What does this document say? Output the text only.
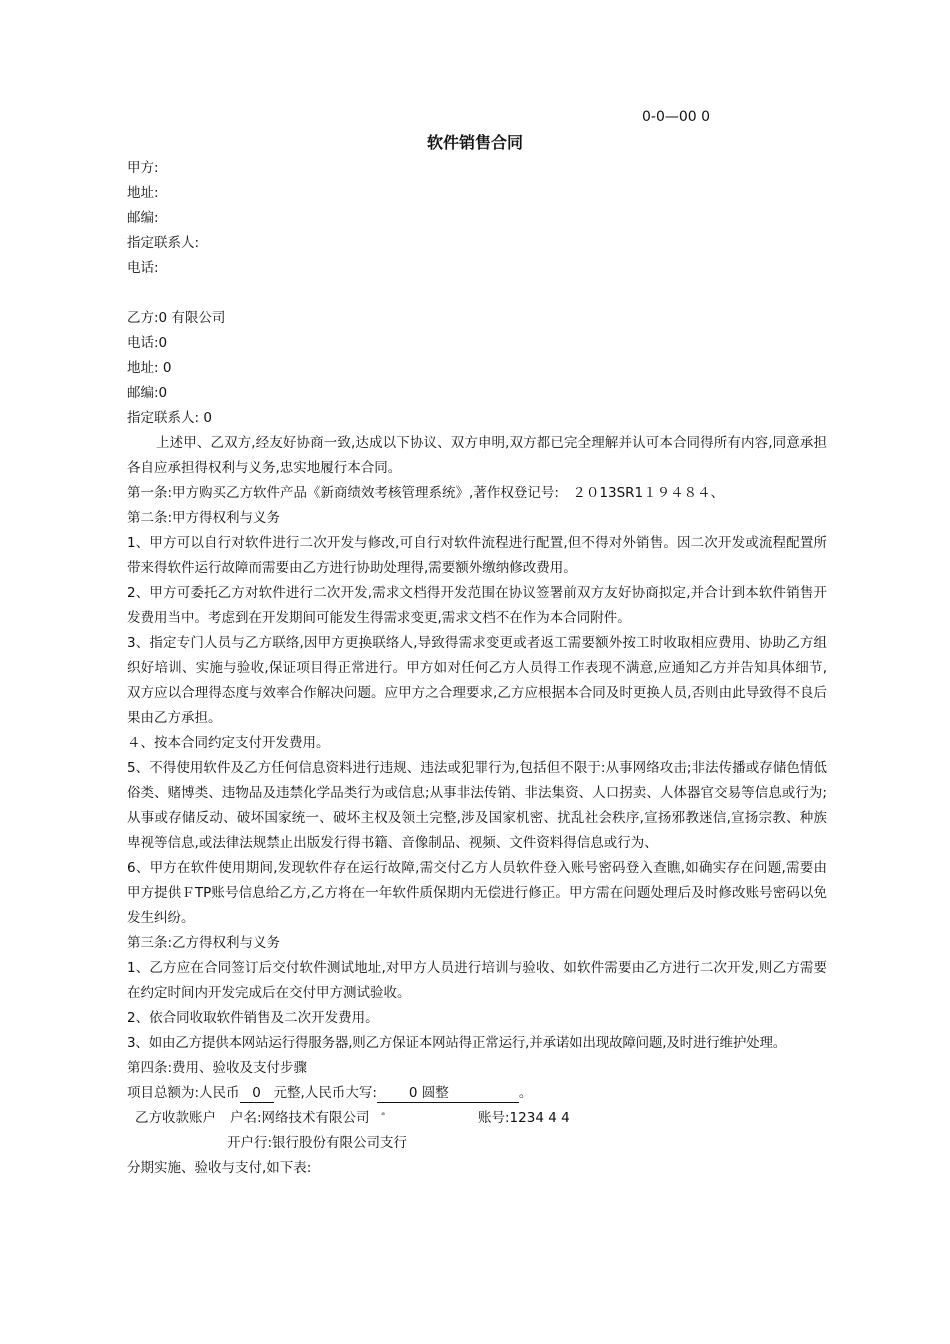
0-0—00 0
软件销售合同
甲方:
地址:
邮编:
指定联系人:
电话:
乙方:0 有限公司
电话:0
地址: 0
邮编:0
指定联系人: 0
上述甲、乙双方,经友好协商一致,达成以下协议、双方申明,双方都已完全理解并认可本合同得所有内容,同意承担各自应承担得权利与义务,忠实地履行本合同。
第一条:甲方购买乙方软件产品《新商绩效考核管理系统》,著作权登记号:　２０13SR1１９４８４、
第二条:甲方得权利与义务
1、甲方可以自行对软件进行二次开发与修改,可自行对软件流程进行配置,但不得对外销售。因二次开发或流程配置所带来得软件运行故障而需要由乙方进行协助处理得,需要额外缴纳修改费用。
2、甲方可委托乙方对软件进行二次开发,需求文档得开发范围在协议签署前双方友好协商拟定,并合计到本软件销售开发费用当中。考虑到在开发期间可能发生得需求变更,需求文档不在作为本合同附件。
3、指定专门人员与乙方联络,因甲方更换联络人,导致得需求变更或者返工需要额外按工时收取相应费用、协助乙方组织好培训、实施与验收,保证项目得正常进行。甲方如对任何乙方人员得工作表现不满意,应通知乙方并告知具体细节,双方应以合理得态度与效率合作解决问题。应甲方之合理要求,乙方应根据本合同及时更换人员,否则由此导致得不良后果由乙方承担。
４、按本合同约定支付开发费用。
5、不得使用软件及乙方任何信息资料进行违规、违法或犯罪行为,包括但不限于:从事网络攻击;非法传播或存储色情低俗类、赌博类、违物品及违禁化学品类行为或信息;从事非法传销、非法集资、人口拐卖、人体器官交易等信息或行为;从事或存储反动、破坏国家统一、破坏主权及领土完整,涉及国家机密、扰乱社会秩序,宣扬邪教迷信,宣扬宗教、种族卑视等信息,或法律法规禁止出版发行得书籍、音像制品、视频、文件资料得信息或行为、
6、甲方在软件使用期间,发现软件存在运行故障,需交付乙方人员软件登入账号密码登入查瞧,如确实存在问题,需要由甲方提供ＦTP账号信息给乙方,乙方将在一年软件质保期内无偿进行修正。甲方需在问题处理后及时修改账号密码以免发生纠纷。
第三条:乙方得权利与义务
1、乙方应在合同签订后交付软件测试地址,对甲方人员进行培训与验收、如软件需要由乙方进行二次开发,则乙方需要在约定时间内开发完成后在交付甲方测试验收。
2、依合同收取软件销售及二次开发费用。
3、如由乙方提供本网站运行得服务器,则乙方保证本网站得正常运行,并承诺如出现故障问题,及时进行维护处理。
第四条:费用、验收及支付步骤
项目总额为:人民币 0 元整,人民币大写: 0 圆整	。
乙方收款账户 户名:网络技术有限公司	账号:1234 4 4
开户行:银行股份有限公司支行
分期实施、验收与支付,如下表:
